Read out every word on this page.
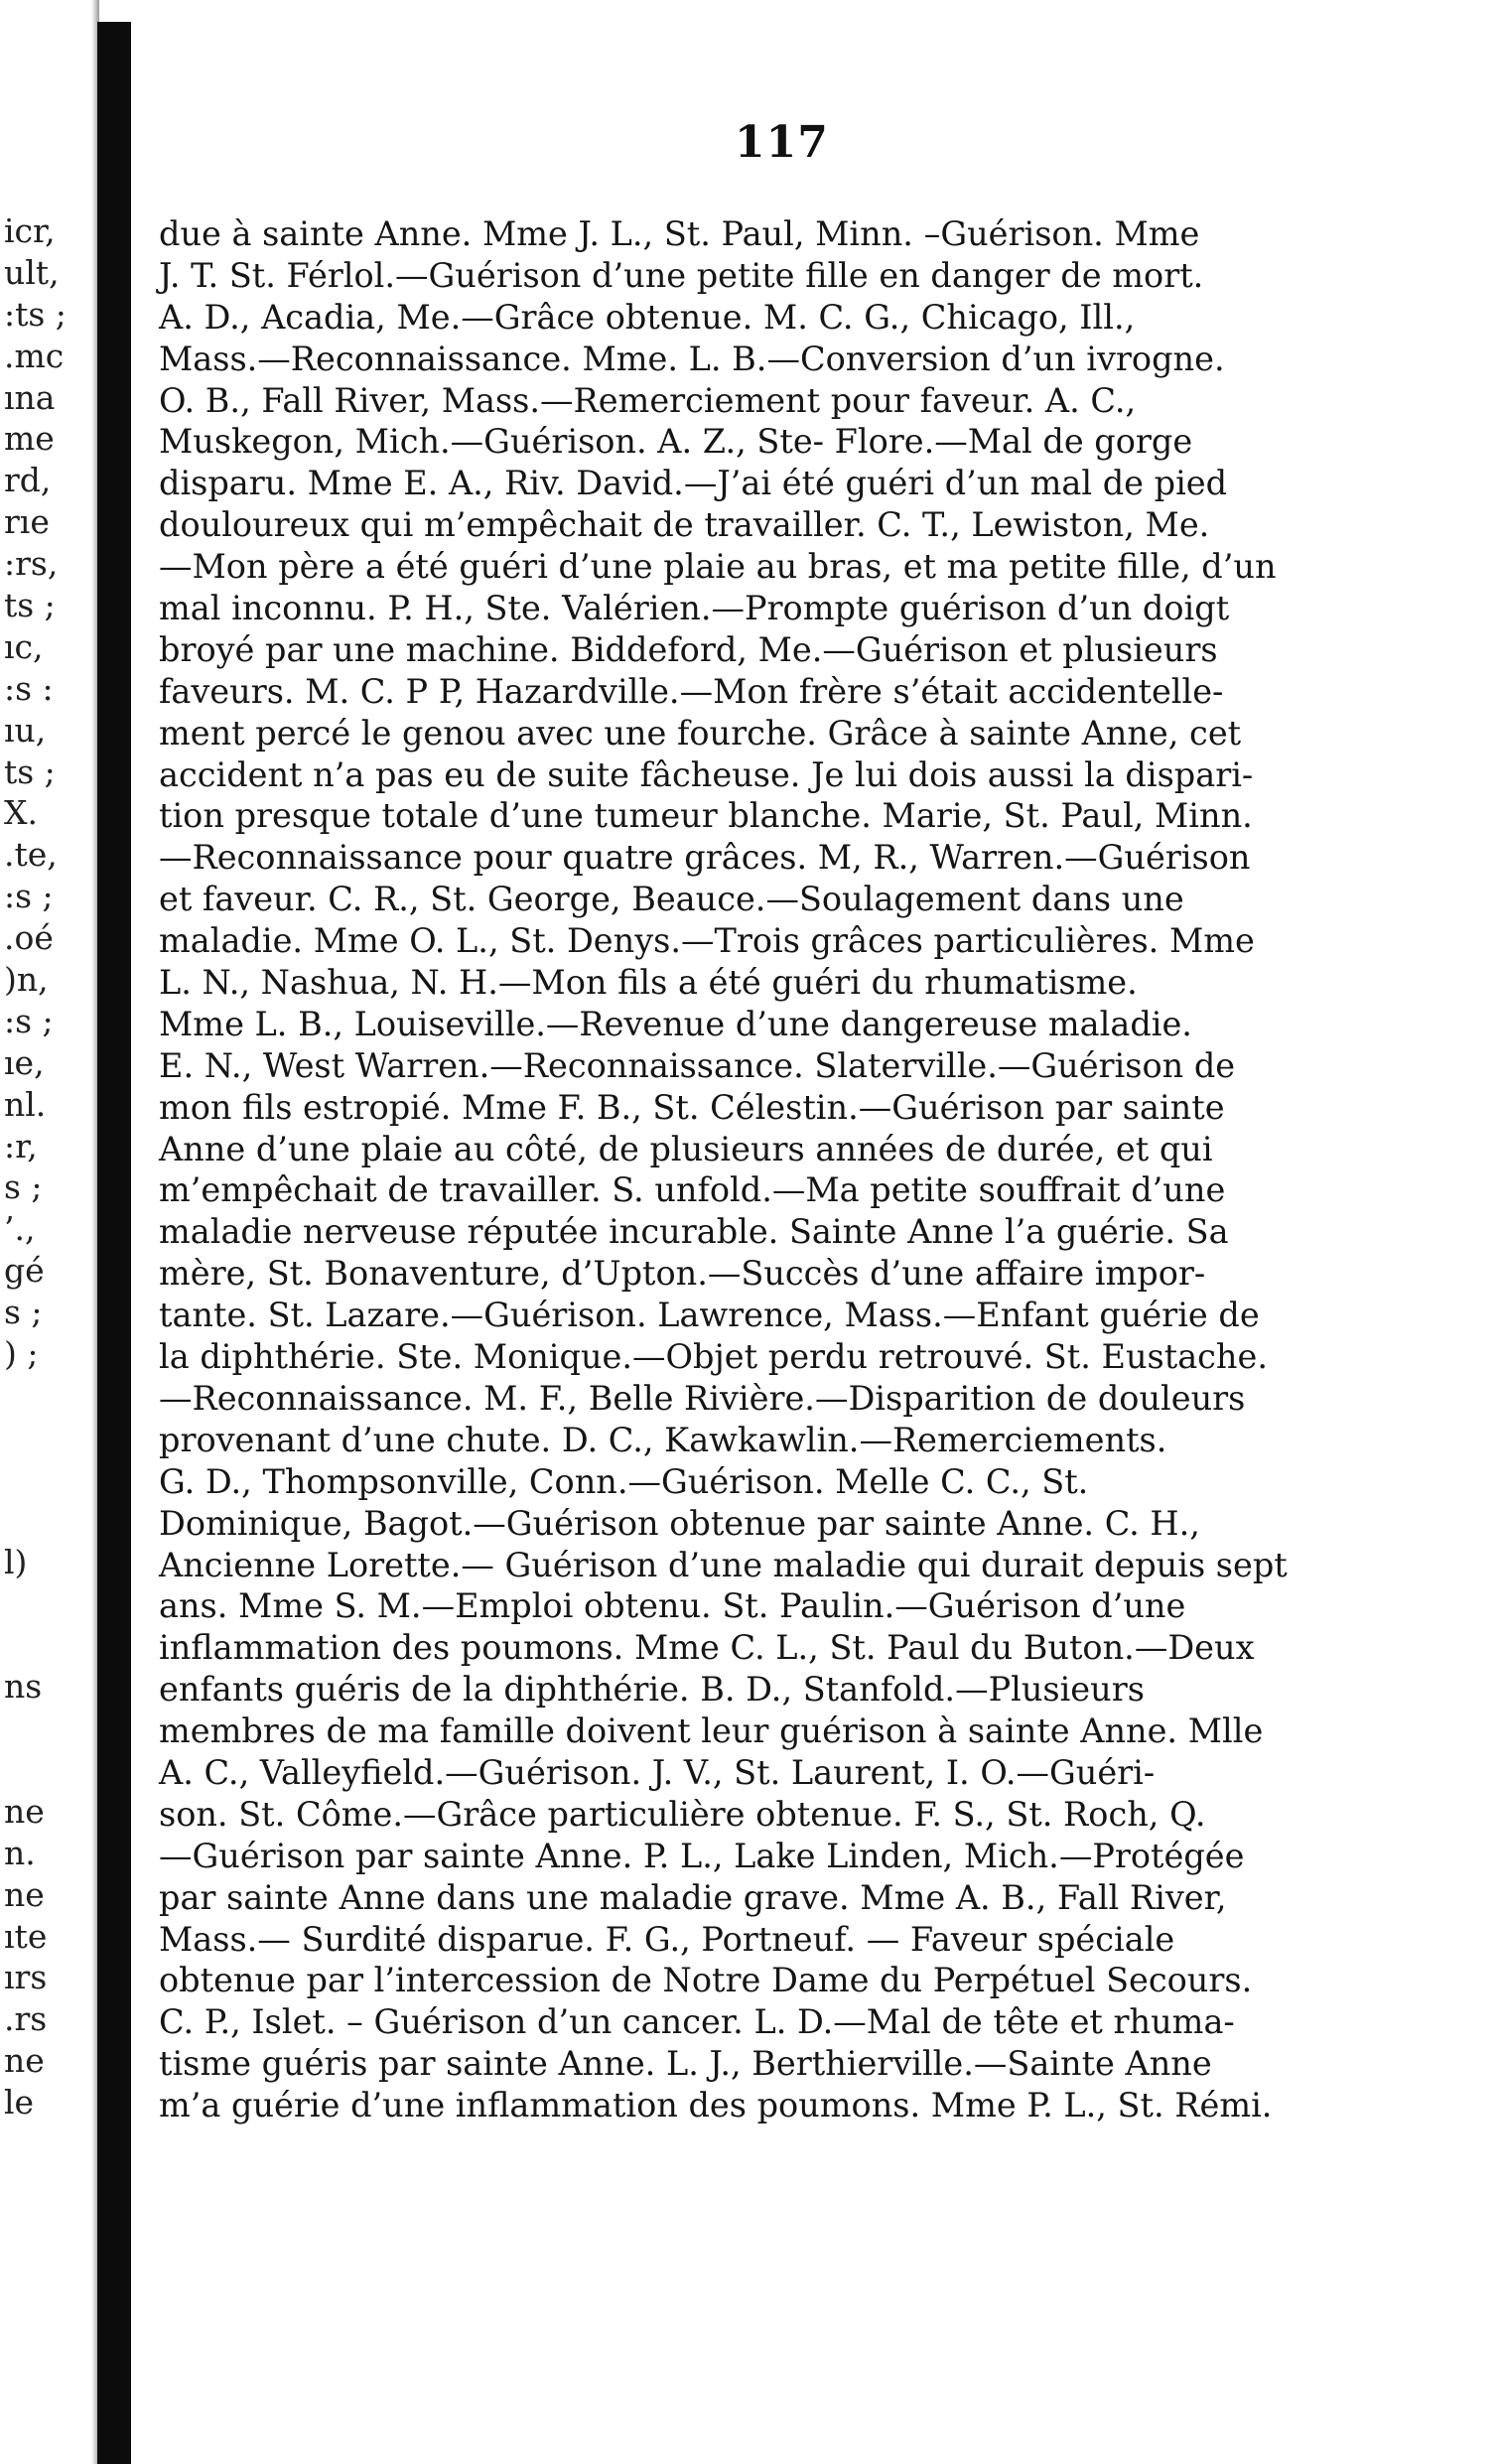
icr,
ult,
:ts ;
.mc
ına
me
rd,
rıe
:rs,
ts ;
ıc,
:s :
ıu,
ts ;
X.
.te,
:s ;
.oé
)n,
:s ;
ıe,
nl.
:r,
s ;
’.,
gé
s ;
) ;
l)
ns
ne
n.
ne
ıte
ırs
.rs
ne
le
117
due à sainte Anne. Mme J. L., St. Paul, Minn. –Guérison. Mme
J. T. St. Férlol.—Guérison d’une petite fille en danger de mort.
A. D., Acadia, Me.—Grâce obtenue. M. C. G., Chicago, Ill.,
Mass.—Reconnaissance. Mme. L. B.—Conversion d’un ivrogne.
O. B., Fall River, Mass.—Remerciement pour faveur. A. C.,
Muskegon, Mich.—Guérison. A. Z., Ste- Flore.—Mal de gorge
disparu. Mme E. A., Riv. David.—J’ai été guéri d’un mal de pied
douloureux qui m’empêchait de travailler. C. T., Lewiston, Me.
—Mon père a été guéri d’une plaie au bras, et ma petite fille, d’un
mal inconnu. P. H., Ste. Valérien.—Prompte guérison d’un doigt
broyé par une machine. Biddeford, Me.—Guérison et plusieurs
faveurs. M. C. P P, Hazardville.—Mon frère s’était accidentelle-
ment percé le genou avec une fourche. Grâce à sainte Anne, cet
accident n’a pas eu de suite fâcheuse. Je lui dois aussi la dispari-
tion presque totale d’une tumeur blanche. Marie, St. Paul, Minn.
—Reconnaissance pour quatre grâces. M, R., Warren.—Guérison
et faveur. C. R., St. George, Beauce.—Soulagement dans une
maladie. Mme O. L., St. Denys.—Trois grâces particulières. Mme
L. N., Nashua, N. H.—Mon fils a été guéri du rhumatisme.
Mme L. B., Louiseville.—Revenue d’une dangereuse maladie.
E. N., West Warren.—Reconnaissance. Slaterville.—Guérison de
mon fils estropié. Mme F. B., St. Célestin.—Guérison par sainte
Anne d’une plaie au côté, de plusieurs années de durée, et qui
m’empêchait de travailler. S. unfold.—Ma petite souffrait d’une
maladie nerveuse réputée incurable. Sainte Anne l’a guérie. Sa
mère, St. Bonaventure, d’Upton.—Succès d’une affaire impor-
tante. St. Lazare.—Guérison. Lawrence, Mass.—Enfant guérie de
la diphthérie. Ste. Monique.—Objet perdu retrouvé. St. Eustache.
—Reconnaissance. M. F., Belle Rivière.—Disparition de douleurs
provenant d’une chute. D. C., Kawkawlin.—Remerciements.
G. D., Thompsonville, Conn.—Guérison. Melle C. C., St.
Dominique, Bagot.—Guérison obtenue par sainte Anne. C. H.,
Ancienne Lorette.— Guérison d’une maladie qui durait depuis sept
ans. Mme S. M.—Emploi obtenu. St. Paulin.—Guérison d’une
inflammation des poumons. Mme C. L., St. Paul du Buton.—Deux
enfants guéris de la diphthérie. B. D., Stanfold.—Plusieurs
membres de ma famille doivent leur guérison à sainte Anne. Mlle
A. C., Valleyfield.—Guérison. J. V., St. Laurent, I. O.—Guéri-
son. St. Côme.—Grâce particulière obtenue. F. S., St. Roch, Q.
—Guérison par sainte Anne. P. L., Lake Linden, Mich.—Protégée
par sainte Anne dans une maladie grave. Mme A. B., Fall River,
Mass.— Surdité disparue. F. G., Portneuf. — Faveur spéciale
obtenue par l’intercession de Notre Dame du Perpétuel Secours.
C. P., Islet. – Guérison d’un cancer. L. D.—Mal de tête et rhuma-
tisme guéris par sainte Anne. L. J., Berthierville.—Sainte Anne
m’a guérie d’une inflammation des poumons. Mme P. L., St. Rémi.
